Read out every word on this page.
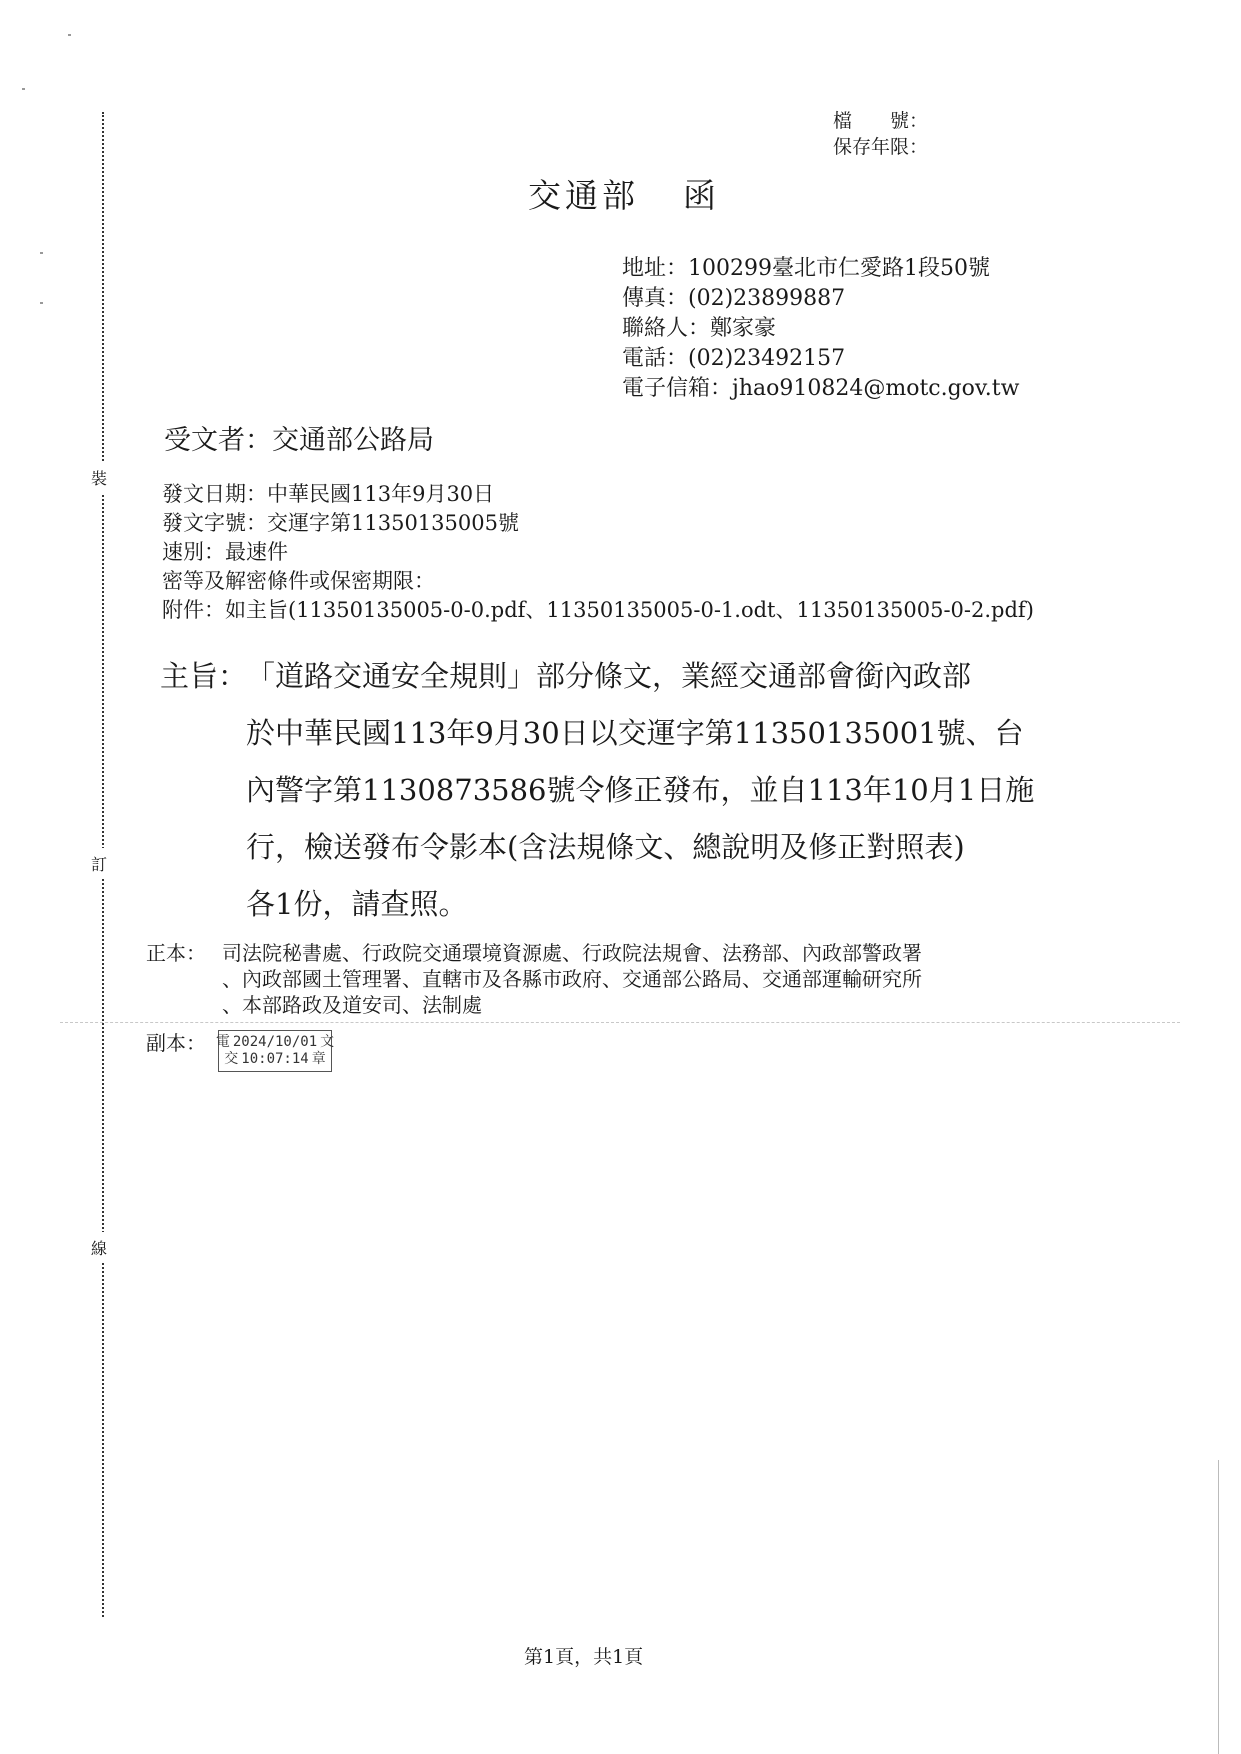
裝
訂
線
檔　　號：
保存年限：
交通部 函
地址：100299臺北市仁愛路1段50號
傳真：(02)23899887
聯絡人：鄭家豪
電話：(02)23492157
電子信箱：jhao910824@motc.gov.tw
受文者：交通部公路局
發文日期：中華民國113年9月30日
發文字號：交運字第11350135005號
速別：最速件
密等及解密條件或保密期限：
附件：如主旨(11350135005-0-0.pdf、11350135005-0-1.odt、11350135005-0-2.pdf)
主旨：
「道路交通安全規則」部分條文，業經交通部會銜內政部
於中華民國113年9月30日以交運字第11350135001號、台
內警字第1130873586號令修正發布，並自113年10月1日施
行，檢送發布令影本(含法規條文、總說明及修正對照表)
各1份，請查照。
正本： 司法院秘書處、行政院交通環境資源處、行政院法規會、法務部、內政部警政署
、內政部國土管理署、直轄市及各縣市政府、交通部公路局、交通部運輸研究所
、本部路政及道安司、法制處
副本： 電 2024/10/01 文
交 10:07:14 章
第1頁，共1頁
